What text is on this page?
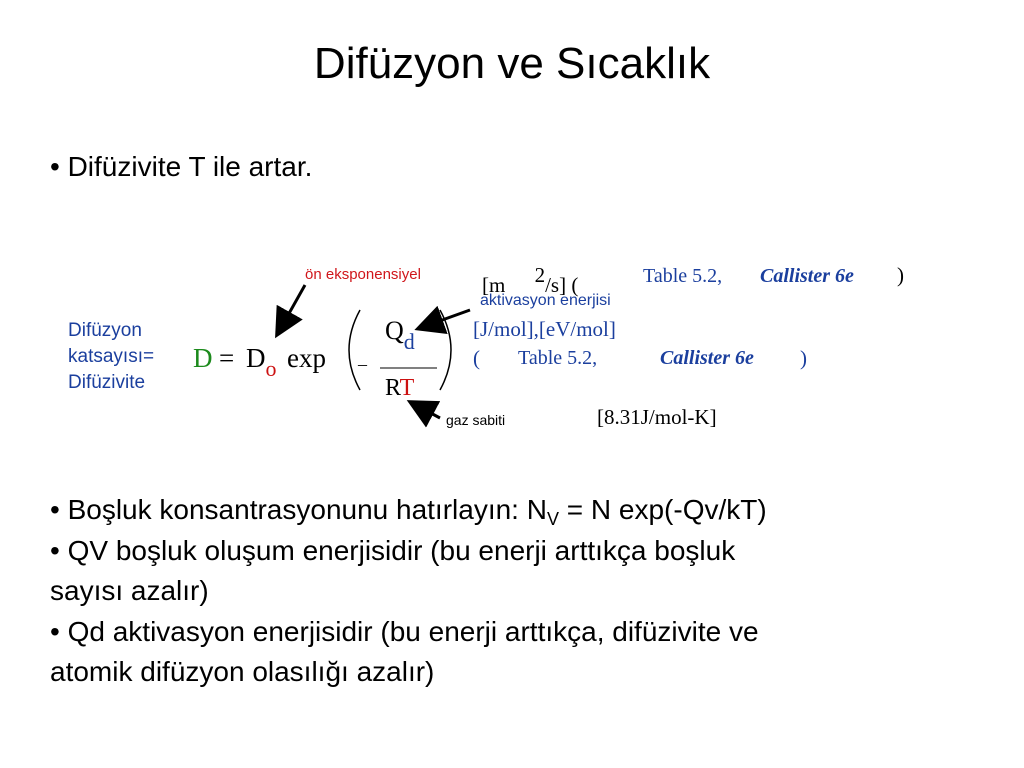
Difüzyon ve Sıcaklık
• Difüzivite T ile artar.
Difüzyon
katsayısı=
Difüzivite
$D = D_o$ exp –
$Q_d$
RT
ön eksponensiyel	[m $^2$/s] (	Table 5.2, Callister 6e )
aktivasyon enerjisi
[J/mol],[eV/mol]
( Table 5.2,	Callister 6e )
gaz sabiti	[8.31J/mol-K]
• Boşluk konsantrasyonunu hatırlayın: $N_V = N$ exp(-Qv/kT)
• QV boşluk oluşum enerjisidir (bu enerji arttıkça boşluk
sayısı azalır)
• Qd aktivasyon enerjisidir (bu enerji arttıkça, difüzivite ve
atomik difüzyon olasılığı azalır)
